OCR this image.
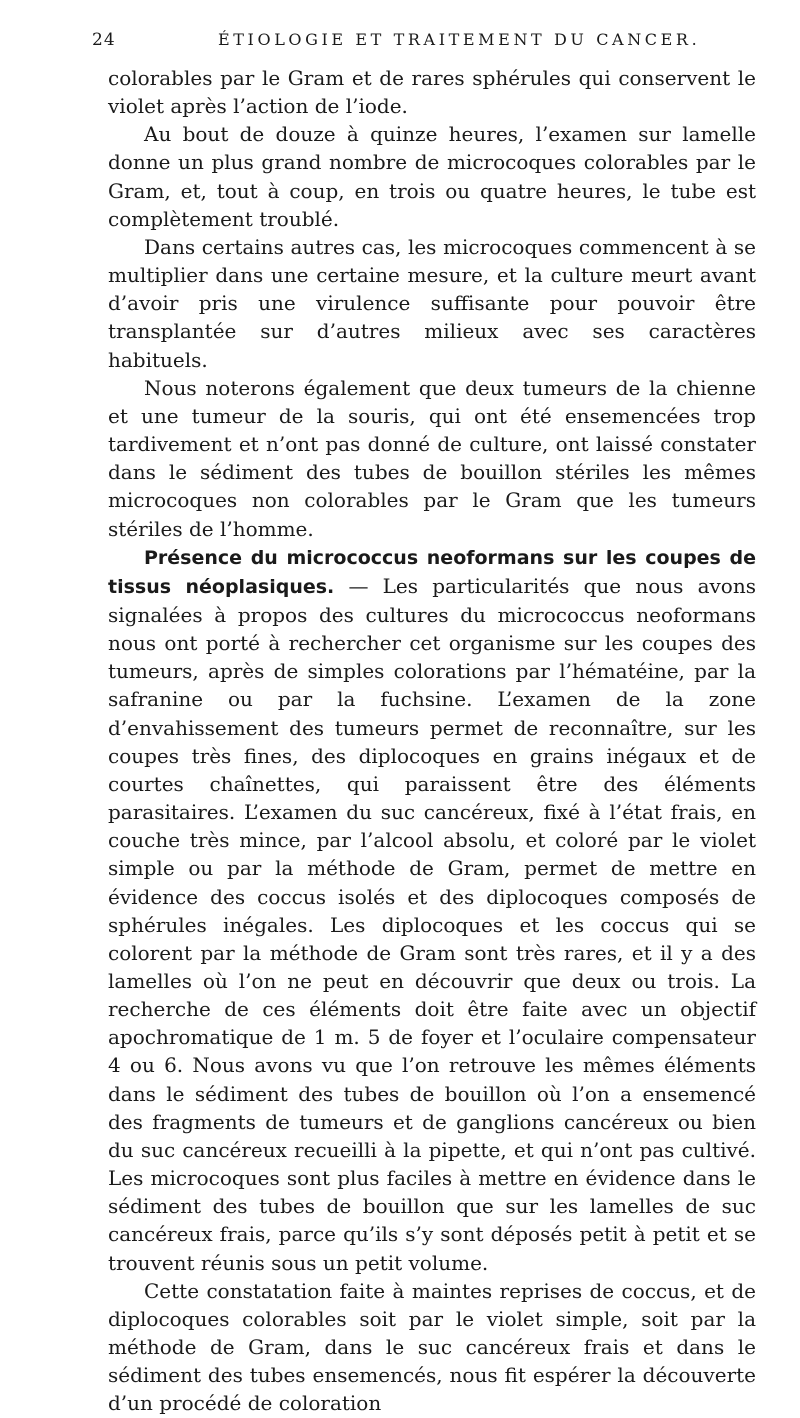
24	ÉTIOLOGIE ET TRAITEMENT DU CANCER.

colorables par le Gram et de rares sphérules qui conservent le violet après l’action de l’iode.

Au bout de douze à quinze heures, l’examen sur lamelle donne un plus grand nombre de microcoques colorables par le Gram, et, tout à coup, en trois ou quatre heures, le tube est complètement troublé.

Dans certains autres cas, les microcoques commencent à se multiplier dans une certaine mesure, et la culture meurt avant d’avoir pris une virulence suffisante pour pouvoir être transplantée sur d’autres milieux avec ses caractères habituels.

Nous noterons également que deux tumeurs de la chienne et une tumeur de la souris, qui ont été ensemencées trop tardivement et n’ont pas donné de culture, ont laissé constater dans le sédiment des tubes de bouillon stériles les mêmes microcoques non colorables par le Gram que les tumeurs stériles de l’homme.

Présence du micrococcus neoformans sur les coupes de tissus néoplasiques. — Les particularités que nous avons signalées à propos des cultures du micrococcus neoformans nous ont porté à rechercher cet organisme sur les coupes des tumeurs, après de simples colorations par l’hématéine, par la safranine ou par la fuchsine. L’examen de la zone d’envahissement des tumeurs permet de reconnaître, sur les coupes très fines, des diplocoques en grains inégaux et de courtes chaînettes, qui paraissent être des éléments parasitaires. L’examen du suc cancéreux, fixé à l’état frais, en couche très mince, par l’alcool absolu, et coloré par le violet simple ou par la méthode de Gram, permet de mettre en évidence des coccus isolés et des diplocoques composés de sphérules inégales. Les diplocoques et les coccus qui se colorent par la méthode de Gram sont très rares, et il y a des lamelles où l’on ne peut en découvrir que deux ou trois. La recherche de ces éléments doit être faite avec un objectif apochromatique de 1 m. 5 de foyer et l’oculaire compensateur 4 ou 6. Nous avons vu que l’on retrouve les mêmes éléments dans le sédiment des tubes de bouillon où l’on a ensemencé des fragments de tumeurs et de ganglions cancéreux ou bien du suc cancéreux recueilli à la pipette, et qui n’ont pas cultivé. Les microcoques sont plus faciles à mettre en évidence dans le sédiment des tubes de bouillon que sur les lamelles de suc cancéreux frais, parce qu’ils s’y sont déposés petit à petit et se trouvent réunis sous un petit volume.

Cette constatation faite à maintes reprises de coccus, et de diplocoques colorables soit par le violet simple, soit par la méthode de Gram, dans le suc cancéreux frais et dans le sédiment des tubes ensemencés, nous fit espérer la découverte d’un procédé de coloration
